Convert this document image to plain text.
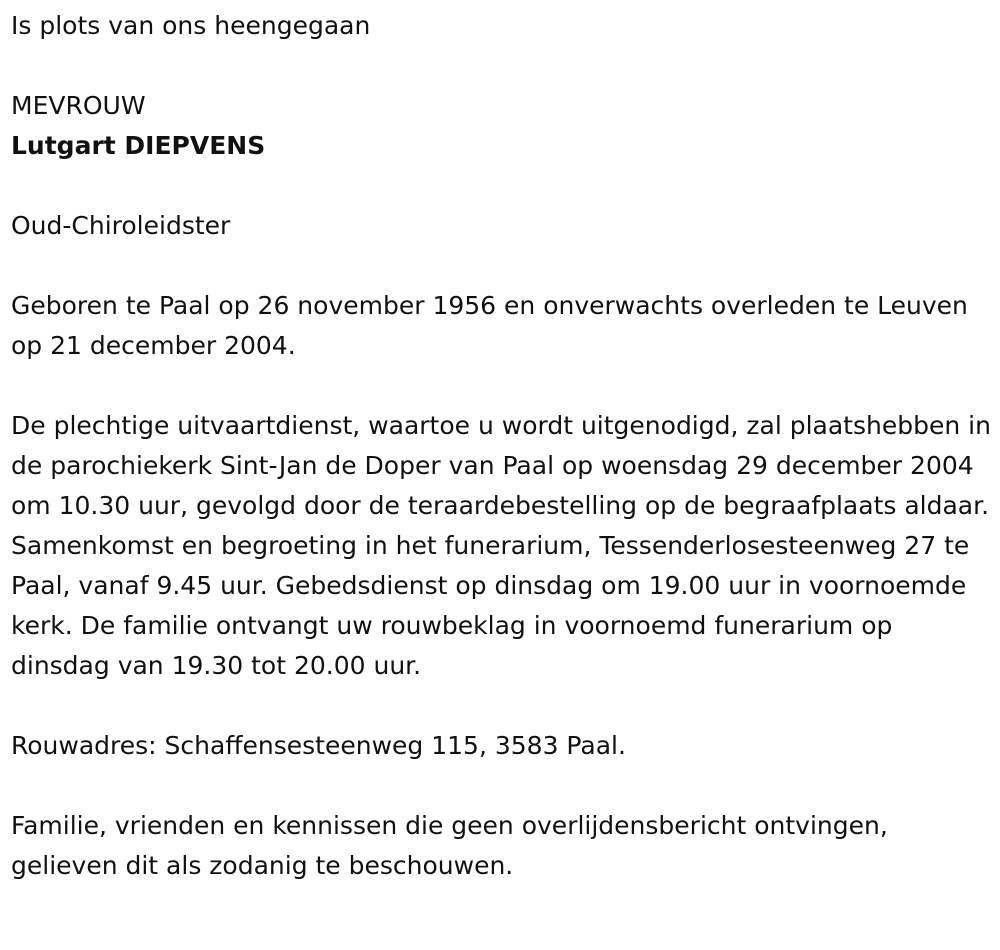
Is plots van ons heengegaan

MEVROUW

Lutgart DIEPVENS

Oud-Chiroleidster

Geboren te Paal op 26 november 1956 en onverwachts overleden te Leuven op 21 december 2004.

De plechtige uitvaartdienst, waartoe u wordt uitgenodigd, zal plaatshebben in de parochiekerk Sint-Jan de Doper van Paal op woensdag 29 december 2004 om 10.30 uur, gevolgd door de teraardebestelling op de begraafplaats aldaar. Samenkomst en begroeting in het funerarium, Tessenderlosesteenweg 27 te Paal, vanaf 9.45 uur. Gebedsdienst op dinsdag om 19.00 uur in voornoemde kerk. De familie ontvangt uw rouwbeklag in voornoemd funerarium op dinsdag van 19.30 tot 20.00 uur.

Rouwadres: Schaffensesteenweg 115, 3583 Paal.

Familie, vrienden en kennissen die geen overlijdensbericht ontvingen, gelieven dit als zodanig te beschouwen.
